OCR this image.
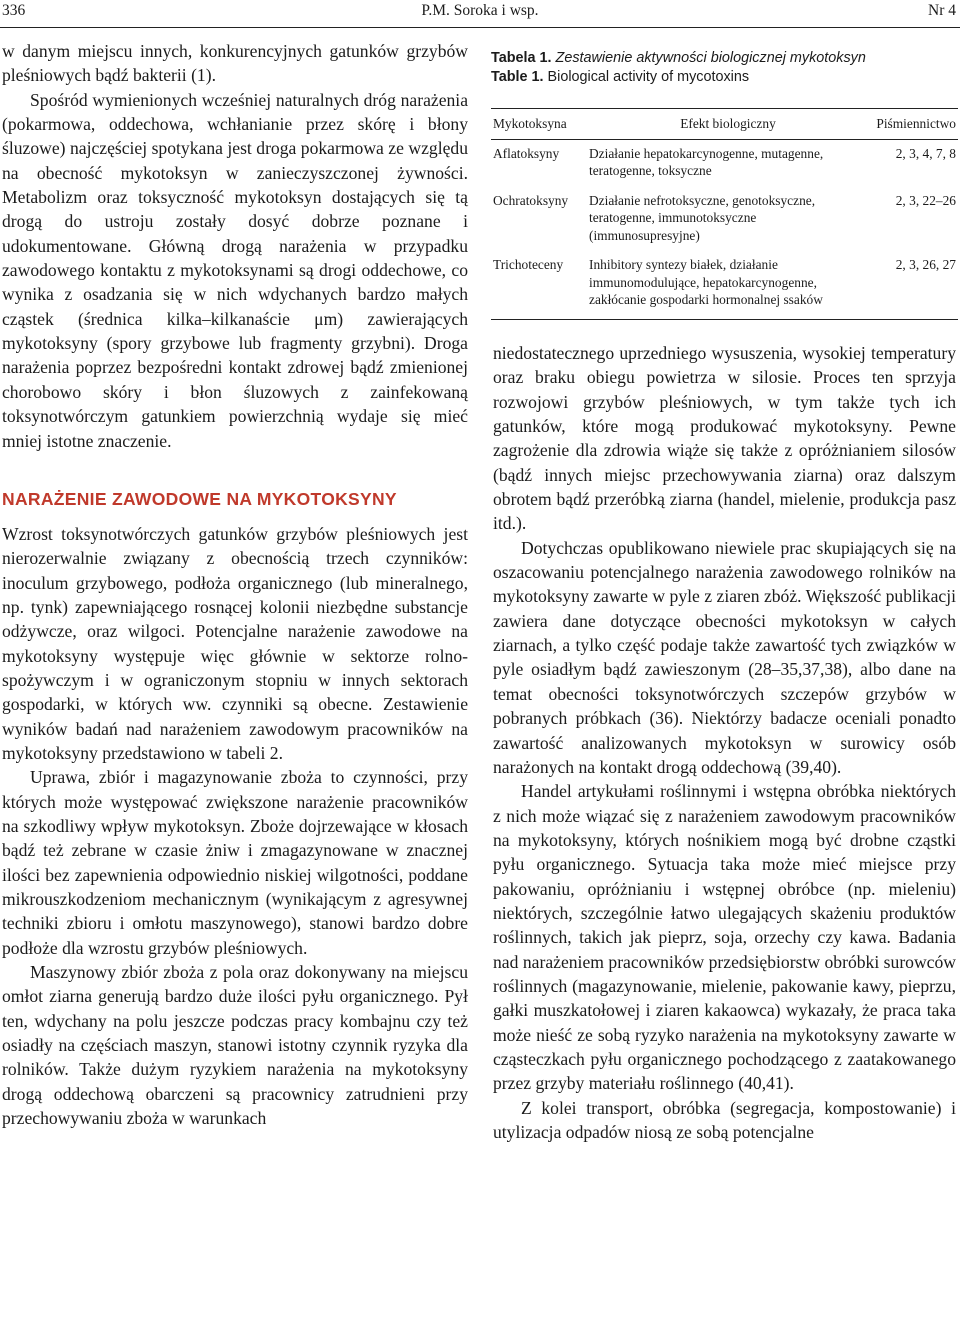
336	P.M. Soroka i wsp.	Nr 4

w danym miejscu innych, konkurencyjnych gatunków grzybów pleśniowych bądź bakterii (1).

Spośród wymienionych wcześniej naturalnych dróg narażenia (pokarmowa, oddechowa, wchłanianie przez skórę i błony śluzowe) najczęściej spotykana jest droga pokarmowa ze względu na obecność mykotoksyn w zanieczyszczonej żywności. Metabolizm oraz toksyczność mykotoksyn dostających się tą drogą do ustroju zostały dosyć dobrze poznane i udokumentowane. Główną drogą narażenia w przypadku zawodowego kontaktu z mykotoksynami są drogi oddechowe, co wynika z osadzania się w nich wdychanych bardzo małych cząstek (średnica kilka–kilkanaście μm) zawierających mykotoksyny (spory grzybowe lub fragmenty grzybni). Droga narażenia poprzez bezpośredni kontakt zdrowej bądź zmienionej chorobowo skóry i błon śluzowych z zainfekowaną toksynotwórczym gatunkiem powierzchnią wydaje się mieć mniej istotne znaczenie.

NARAŻENIE ZAWODOWE NA MYKOTOKSYNY

Wzrost toksynotwórczych gatunków grzybów pleśniowych jest nierozerwalnie związany z obecnością trzech czynników: inoculum grzybowego, podłoża organicznego (lub mineralnego, np. tynk) zapewniającego rosnącej kolonii niezbędne substancje odżywcze, oraz wilgoci. Potencjalne narażenie zawodowe na mykotoksyny występuje więc głównie w sektorze rolno-spożywczym i w ograniczonym stopniu w innych sektorach gospodarki, w których ww. czynniki są obecne. Zestawienie wyników badań nad narażeniem zawodowym pracowników na mykotoksyny przedstawiono w tabeli 2.

Uprawa, zbiór i magazynowanie zboża to czynności, przy których może występować zwiększone narażenie pracowników na szkodliwy wpływ mykotoksyn. Zboże dojrzewające w kłosach bądź też zebrane w czasie żniw i zmagazynowane w znacznej ilości bez zapewnienia odpowiednio niskiej wilgotności, poddane mikrouszkodzeniom mechanicznym (wynikającym z agresywnej techniki zbioru i omłotu maszynowego), stanowi bardzo dobre podłoże dla wzrostu grzybów pleśniowych.

Maszynowy zbiór zboża z pola oraz dokonywany na miejscu omłot ziarna generują bardzo duże ilości pyłu organicznego. Pył ten, wdychany na polu jeszcze podczas pracy kombajnu czy też osiadły na częściach maszyn, stanowi istotny czynnik ryzyka dla rolników. Także dużym ryzykiem narażenia na mykotoksyny drogą oddechową obarczeni są pracownicy zatrudnieni przy przechowywaniu zboża w warunkach

Tabela 1. Zestawienie aktywności biologicznej mykotoksyn
Table 1. Biological activity of mycotoxins
Mykotoksyna	Efekt biologiczny	Piśmiennictwo
Aflatoksyny	Działanie hepatokarcynogenne, mutagenne, teratogenne, toksyczne	2, 3, 4, 7, 8
Ochratoksyny	Działanie nefrotoksyczne, genotoksyczne, teratogenne, immunotoksyczne (immunosupresyjne)	2, 3, 22–26
Trichoteceny	Inhibitory syntezy białek, działanie immunomodulujące, hepatokarcynogenne, zakłócanie gospodarki hormonalnej ssaków	2, 3, 26, 27

niedostatecznego uprzedniego wysuszenia, wysokiej temperatury oraz braku obiegu powietrza w silosie. Proces ten sprzyja rozwojowi grzybów pleśniowych, w tym także tych ich gatunków, które mogą produkować mykotoksyny. Pewne zagrożenie dla zdrowia wiąże się także z opróżnianiem silosów (bądź innych miejsc przechowywania ziarna) oraz dalszym obrotem bądź przeróbką ziarna (handel, mielenie, produkcja pasz itd.).

Dotychczas opublikowano niewiele prac skupiających się na oszacowaniu potencjalnego narażenia zawodowego rolników na mykotoksyny zawarte w pyle z ziaren zbóż. Większość publikacji zawiera dane dotyczące obecności mykotoksyn w całych ziarnach, a tylko część podaje także zawartość tych związków w pyle osiadłym bądź zawieszonym (28–35,37,38), albo dane na temat obecności toksynotwórczych szczepów grzybów w pobranych próbkach (36). Niektórzy badacze oceniali ponadto zawartość analizowanych mykotoksyn w surowicy osób narażonych na kontakt drogą oddechową (39,40).

Handel artykułami roślinnymi i wstępna obróbka niektórych z nich może wiązać się z narażeniem zawodowym pracowników na mykotoksyny, których nośnikiem mogą być drobne cząstki pyłu organicznego. Sytuacja taka może mieć miejsce przy pakowaniu, opróżnianiu i wstępnej obróbce (np. mieleniu) niektórych, szczególnie łatwo ulegających skażeniu produktów roślinnych, takich jak pieprz, soja, orzechy czy kawa. Badania nad narażeniem pracowników przedsiębiorstw obróbki surowców roślinnych (magazynowanie, mielenie, pakowanie kawy, pieprzu, gałki muszkatołowej i ziaren kakaowca) wykazały, że praca taka może nieść ze sobą ryzyko narażenia na mykotoksyny zawarte w cząsteczkach pyłu organicznego pochodzącego z zaatakowanego przez grzyby materiału roślinnego (40,41).

Z kolei transport, obróbka (segregacja, kompostowanie) i utylizacja odpadów niosą ze sobą potencjalne
